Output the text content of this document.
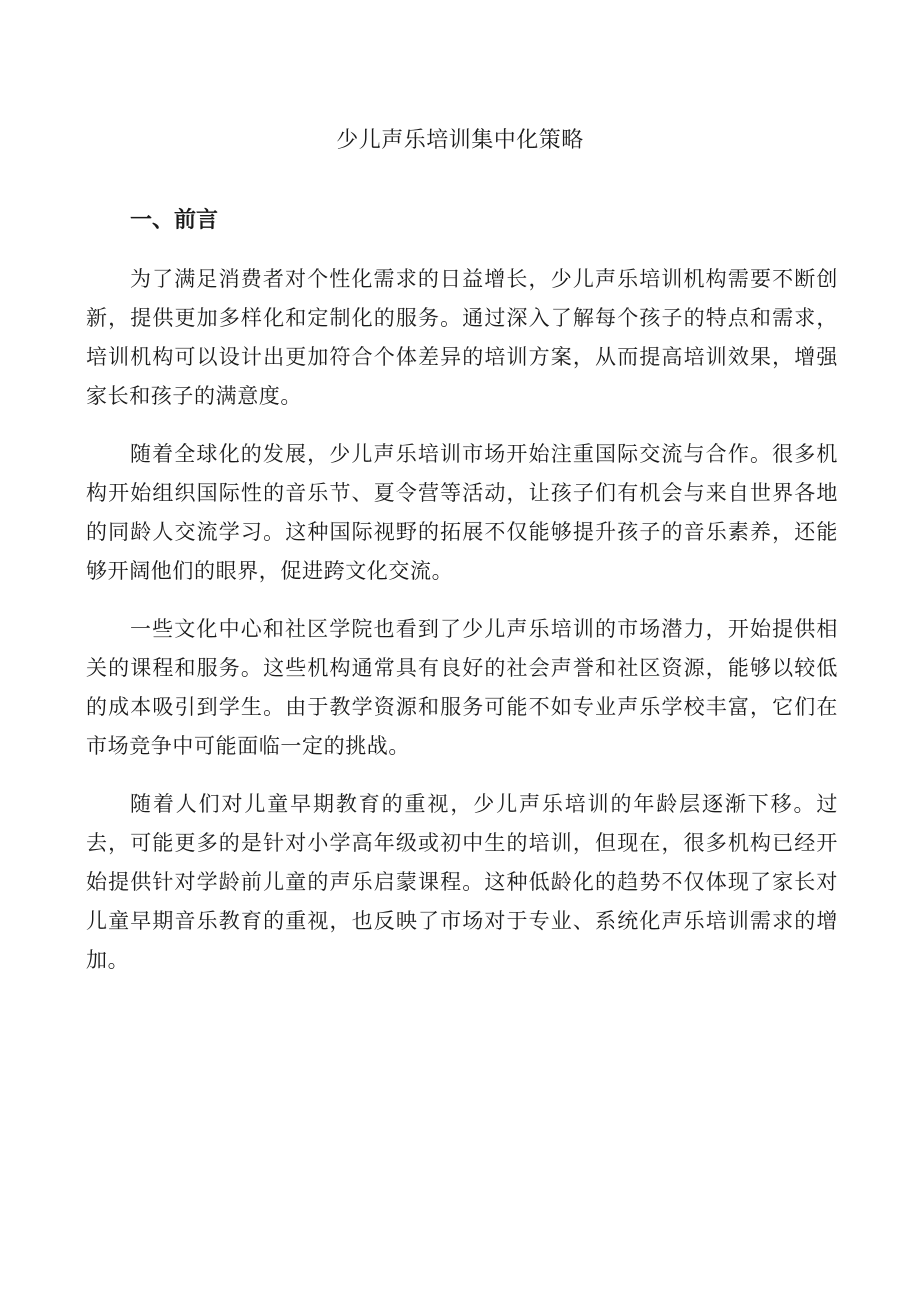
少儿声乐培训集中化策略
一、前言

为了满足消费者对个性化需求的日益增长，少儿声乐培训机构需要不断创新，提供更加多样化和定制化的服务。通过深入了解每个孩子的特点和需求，培训机构可以设计出更加符合个体差异的培训方案，从而提高培训效果，增强家长和孩子的满意度。

随着全球化的发展，少儿声乐培训市场开始注重国际交流与合作。很多机构开始组织国际性的音乐节、夏令营等活动，让孩子们有机会与来自世界各地的同龄人交流学习。这种国际视野的拓展不仅能够提升孩子的音乐素养，还能够开阔他们的眼界，促进跨文化交流。

一些文化中心和社区学院也看到了少儿声乐培训的市场潜力，开始提供相关的课程和服务。这些机构通常具有良好的社会声誉和社区资源，能够以较低的成本吸引到学生。由于教学资源和服务可能不如专业声乐学校丰富，它们在市场竞争中可能面临一定的挑战。

随着人们对儿童早期教育的重视，少儿声乐培训的年龄层逐渐下移。过去，可能更多的是针对小学高年级或初中生的培训，但现在，很多机构已经开始提供针对学龄前儿童的声乐启蒙课程。这种低龄化的趋势不仅体现了家长对儿童早期音乐教育的重视，也反映了市场对于专业、系统化声乐培训需求的增加。
